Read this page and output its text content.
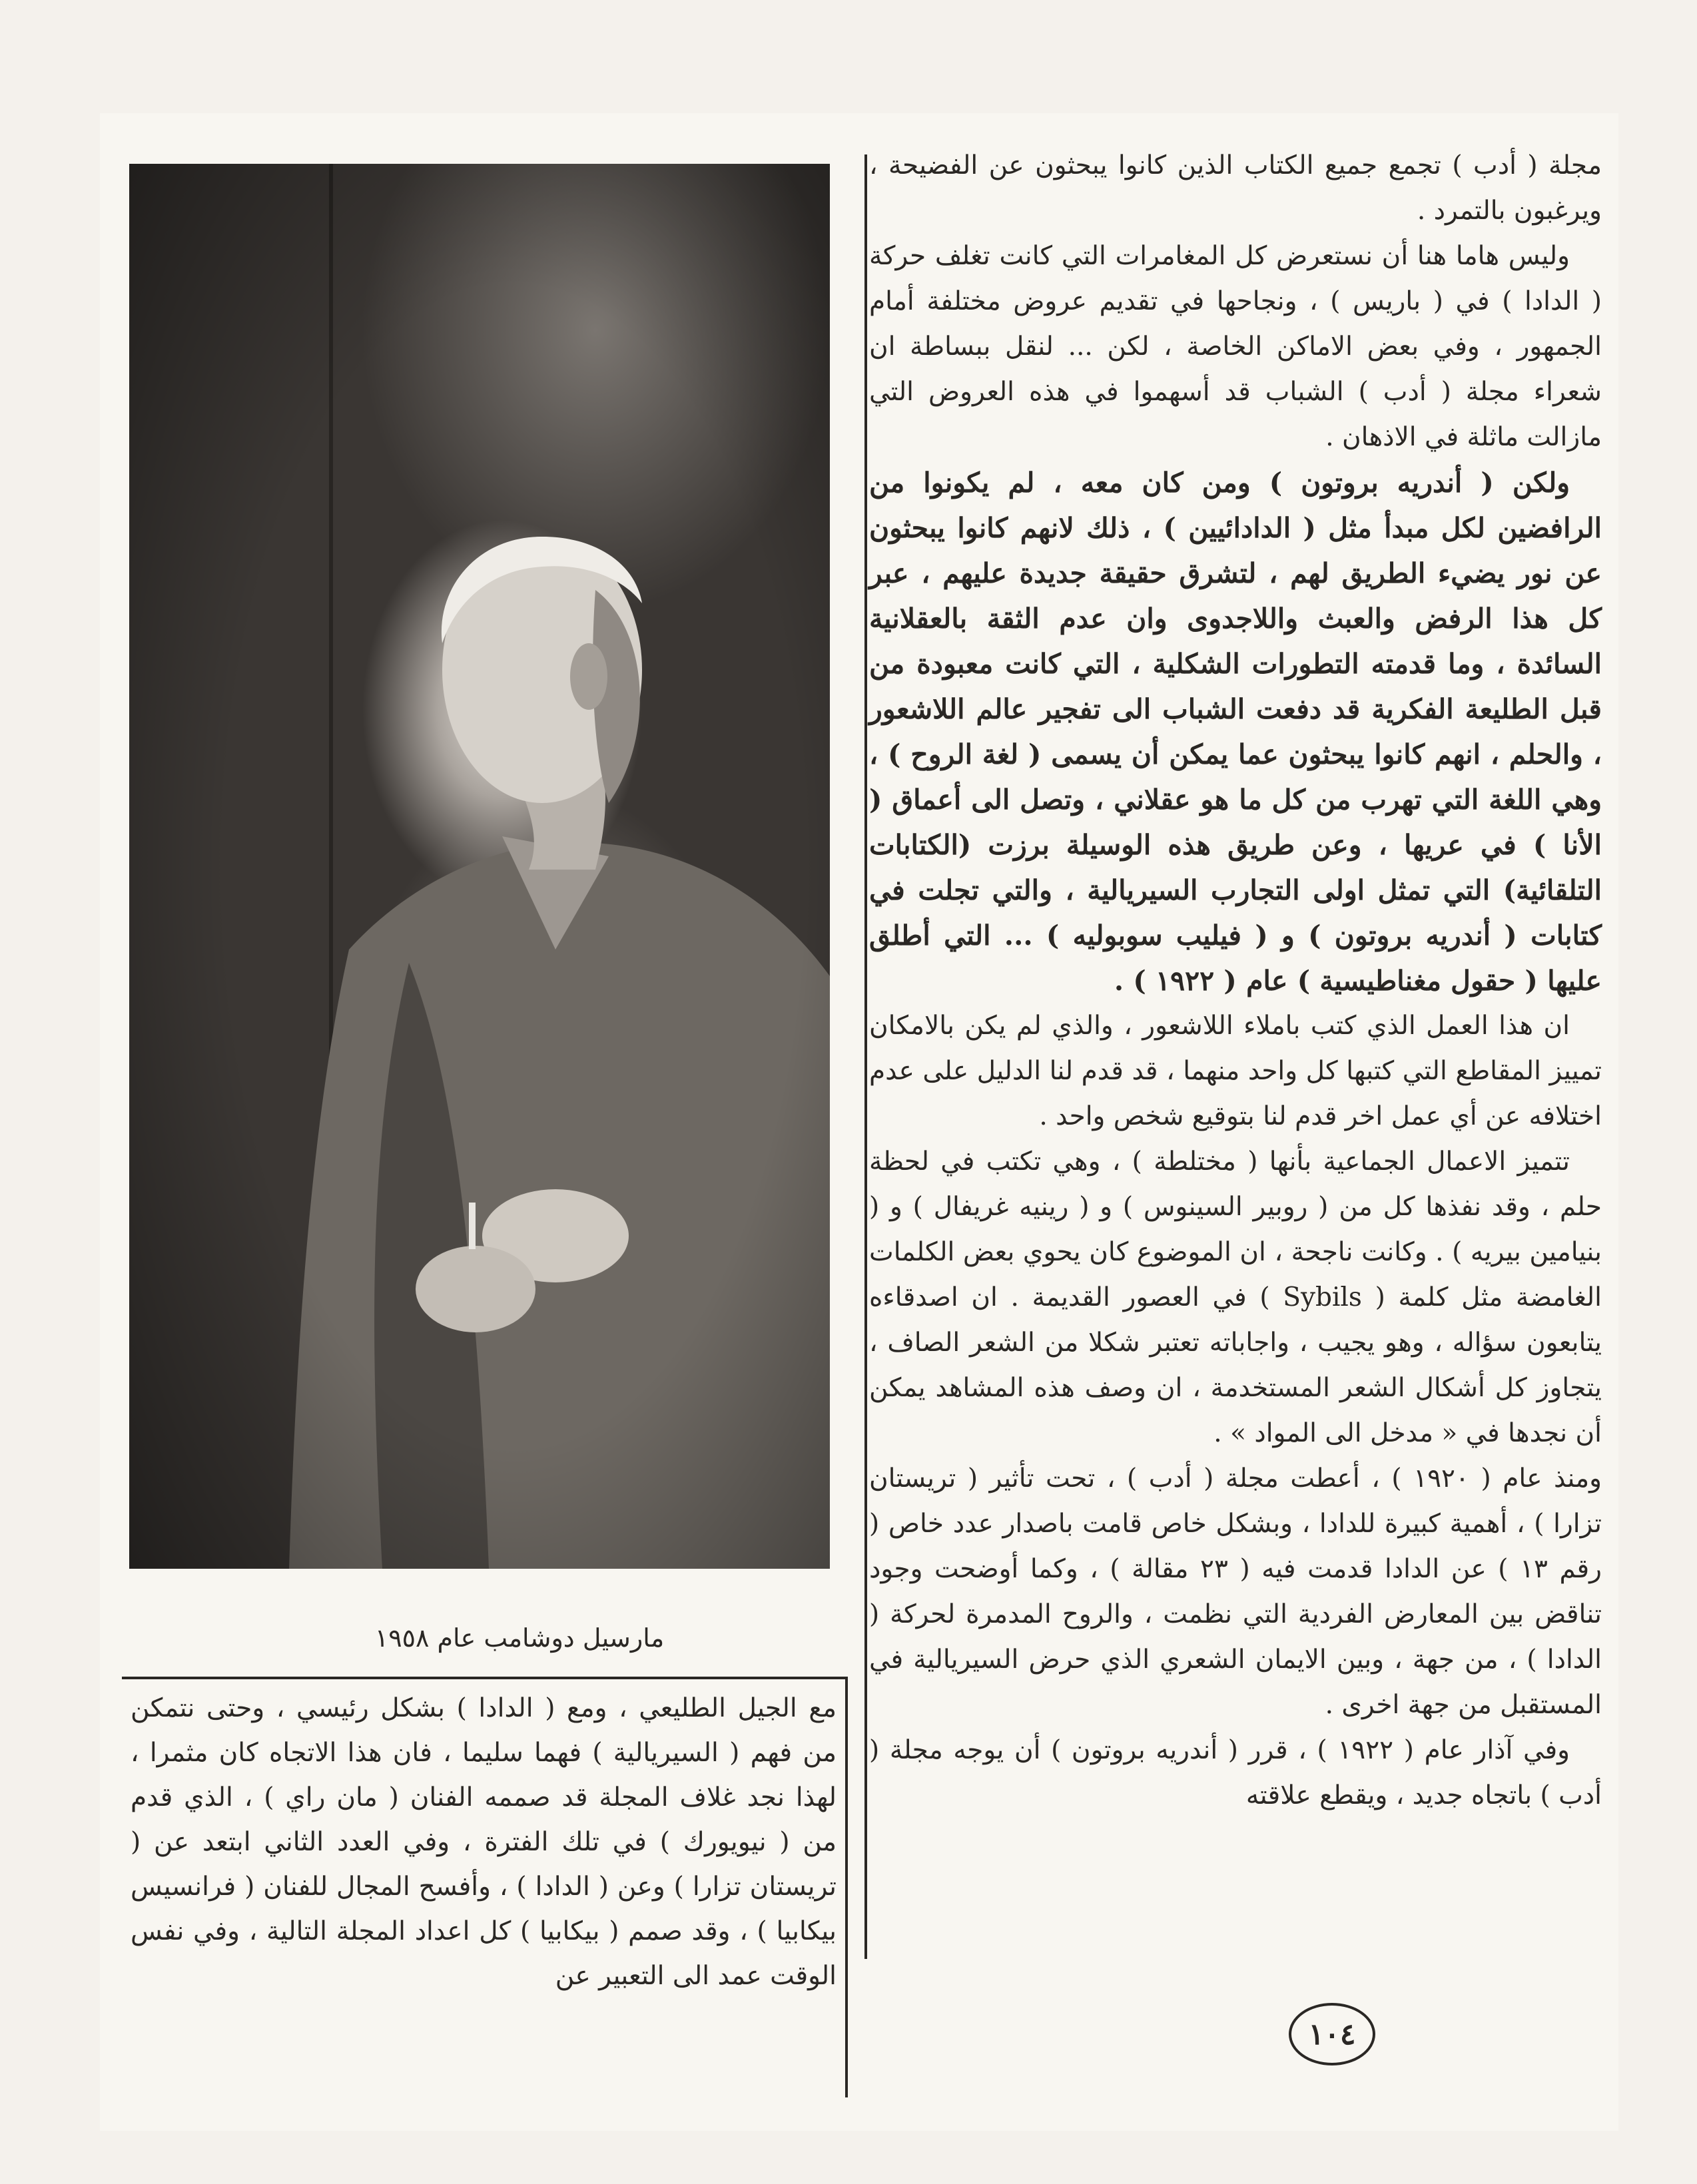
مجلة ( أدب ) تجمع جميع الكتاب الذين كانوا يبحثون عن الفضيحة ، ويرغبون بالتمرد .

وليس هاما هنا أن نستعرض كل المغامرات التي كانت تغلف حركة ( الدادا ) في ( باريس ) ، ونجاحها في تقديم عروض مختلفة أمام الجمهور ، وفي بعض الاماكن الخاصة ، لكن ... لنقل ببساطة ان شعراء مجلة ( أدب ) الشباب قد أسهموا في هذه العروض التي مازالت ماثلة في الاذهان .

ولكن ( أندريه بروتون ) ومن كان معه ، لم يكونوا من الرافضين لكل مبدأ مثل ( الدادائيين ) ، ذلك لانهم كانوا يبحثون عن نور يضيء الطريق لهم ، لتشرق حقيقة جديدة عليهم ، عبر كل هذا الرفض والعبث واللاجدوى وان عدم الثقة بالعقلانية السائدة ، وما قدمته التطورات الشكلية ، التي كانت معبودة من قبل الطليعة الفكرية قد دفعت الشباب الى تفجير عالم اللاشعور ، والحلم ، انهم كانوا يبحثون عما يمكن أن يسمى ( لغة الروح ) ، وهي اللغة التي تهرب من كل ما هو عقلاني ، وتصل الى أعماق ( الأنا ) في عريها ، وعن طريق هذه الوسيلة برزت (الكتابات التلقائية) التي تمثل اولى التجارب السيريالية ، والتي تجلت في كتابات ( أندريه بروتون ) و ( فيليب سوبوليه ) ... التي أطلق عليها ( حقول مغناطيسية ) عام ( ١٩٢٢ ) .

ان هذا العمل الذي كتب باملاء اللاشعور ، والذي لم يكن بالامكان تمييز المقاطع التي كتبها كل واحد منهما ، قد قدم لنا الدليل على عدم اختلافه عن أي عمل اخر قدم لنا بتوقيع شخص واحد .

تتميز الاعمال الجماعية بأنها ( مختلطة ) ، وهي تكتب في لحظة حلم ، وقد نفذها كل من ( روبير السينوس ) و ( رينيه غريفال ) و ( بنيامين بيريه ) . وكانت ناجحة ، ان الموضوع كان يحوي بعض الكلمات الغامضة مثل كلمة ( Sybils ) في العصور القديمة . ان اصدقاءه يتابعون سؤاله ، وهو يجيب ، واجاباته تعتبر شكلا من الشعر الصاف ، يتجاوز كل أشكال الشعر المستخدمة ، ان وصف هذه المشاهد يمكن أن نجدها في « مدخل الى المواد » .

ومنذ عام ( ١٩٢٠ ) ، أعطت مجلة ( أدب ) ، تحت تأثير ( تريستان تزارا ) ، أهمية كبيرة للدادا ، وبشكل خاص قامت باصدار عدد خاص ( رقم ١٣ ) عن الدادا قدمت فيه ( ٢٣ مقالة ) ، وكما أوضحت وجود تناقض بين المعارض الفردية التي نظمت ، والروح المدمرة لحركة ( الدادا ) ، من جهة ، وبين الايمان الشعري الذي حرض السيريالية في المستقبل من جهة اخرى .

وفي آذار عام ( ١٩٢٢ ) ، قرر ( أندريه بروتون ) أن يوجه مجلة ( أدب ) باتجاه جديد ، ويقطع علاقته

مارسيل دوشامب عام ١٩٥٨

مع الجيل الطليعي ، ومع ( الدادا ) بشكل رئيسي ، وحتى نتمكن من فهم ( السيريالية ) فهما سليما ، فان هذا الاتجاه كان مثمرا ، لهذا نجد غلاف المجلة قد صممه الفنان ( مان راي ) ، الذي قدم من ( نيويورك ) في تلك الفترة ، وفي العدد الثاني ابتعد عن ( تريستان تزارا ) وعن ( الدادا ) ، وأفسح المجال للفنان ( فرانسيس بيكابيا ) ، وقد صمم ( بيكابيا ) كل اعداد المجلة التالية ، وفي نفس الوقت عمد الى التعبير عن

١٠٤
